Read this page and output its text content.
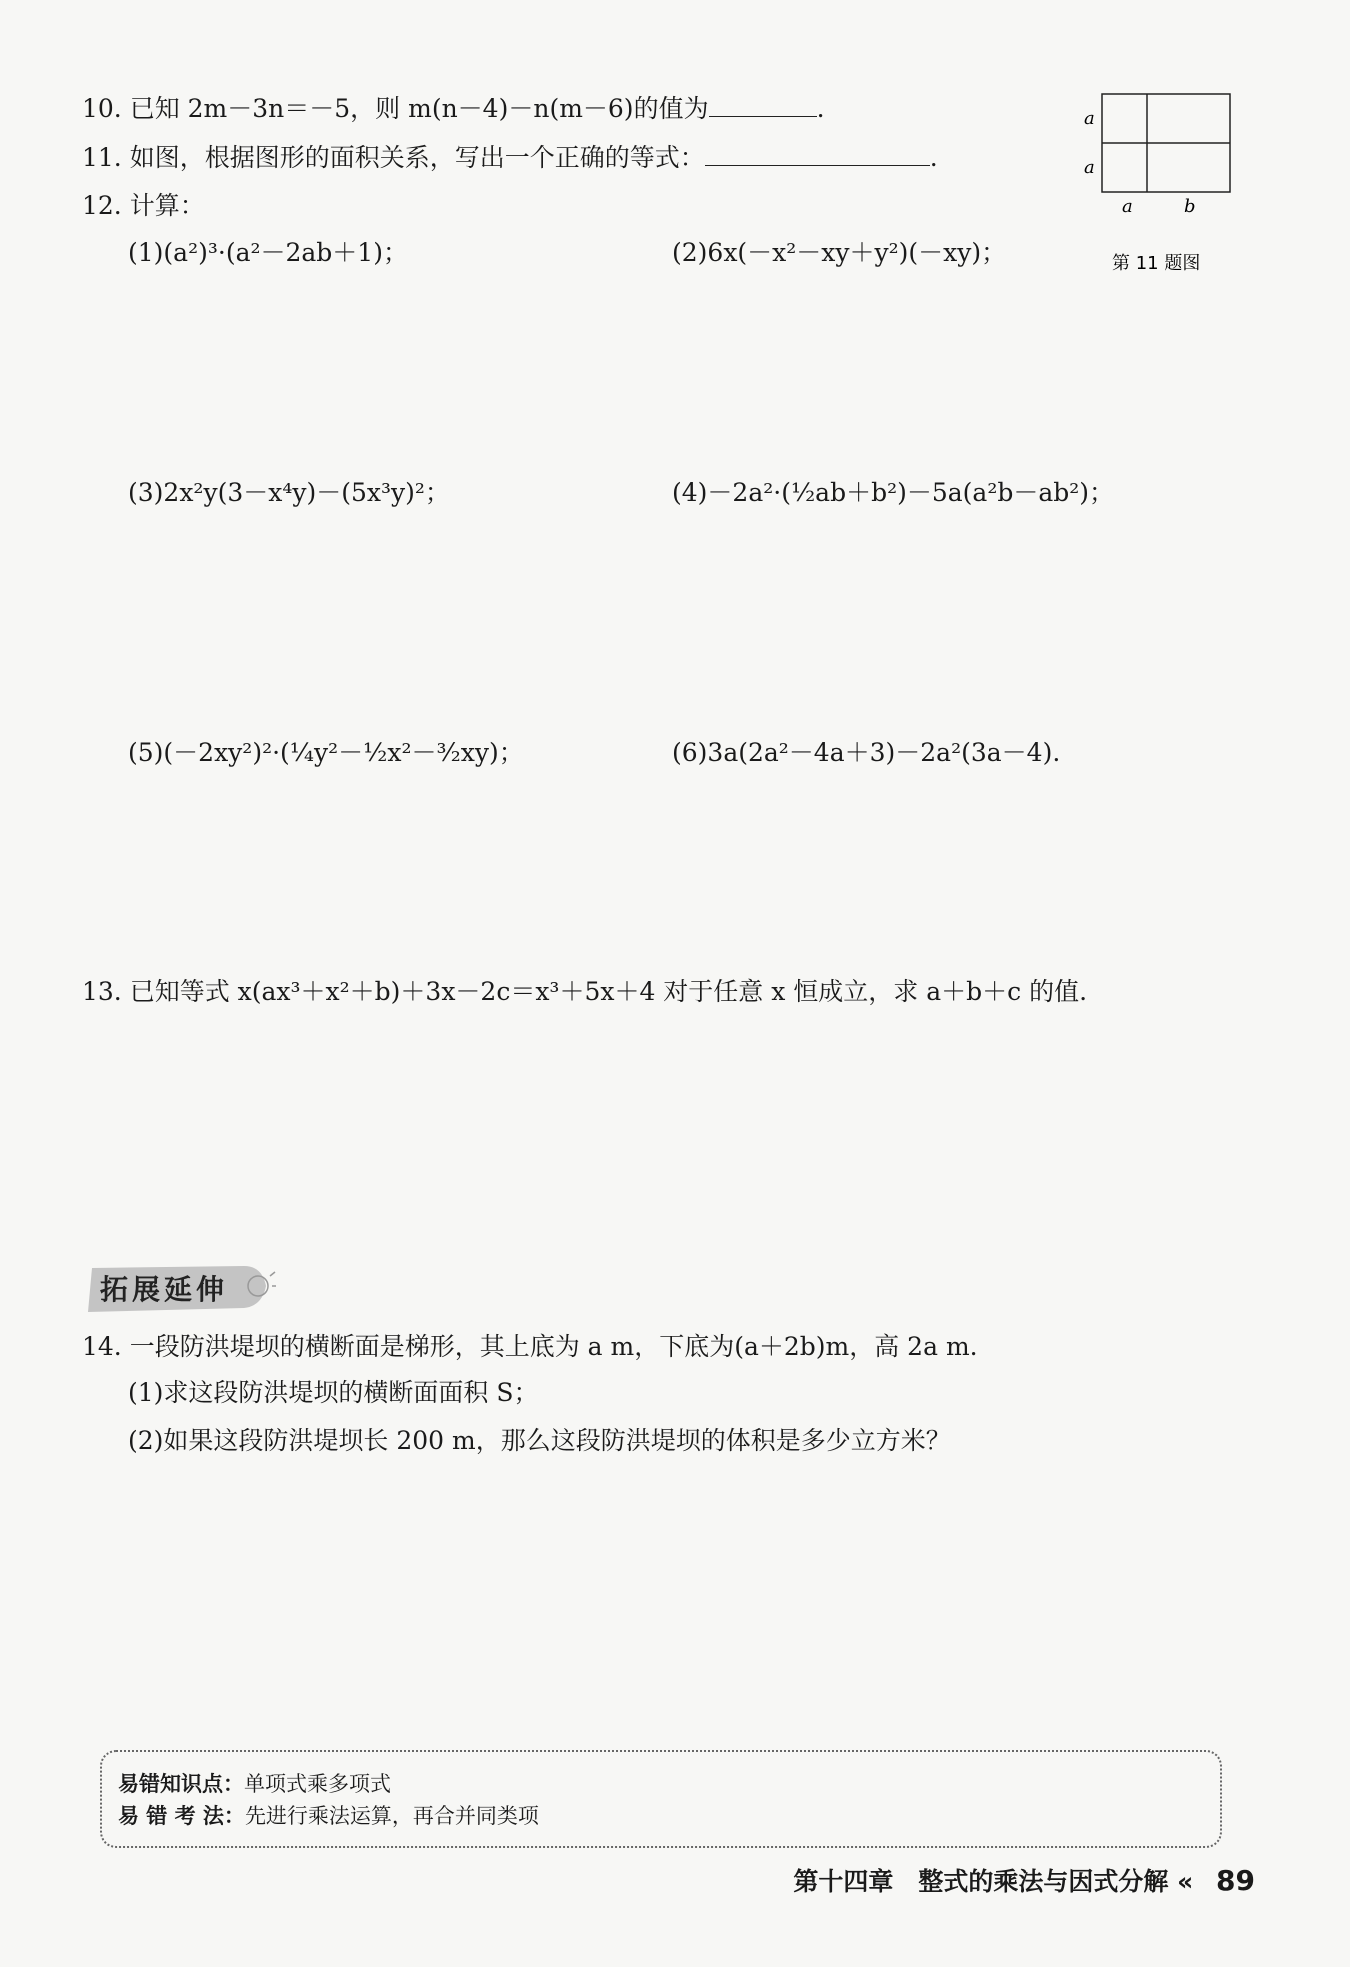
10. 已知 2m－3n＝－5，则 m(n－4)－n(m－6)的值为	.
11. 如图，根据图形的面积关系，写出一个正确的等式：	.
12. 计算：
(1)(a²)³·(a²－2ab＋1)；	(2)6x(－x²－xy＋y²)(－xy)；
(3)2x²y(3－x⁴y)－(5x³y)²；	(4)－2a²·(½ab＋b²)－5a(a²b－ab²)；
(5)(－2xy²)²·(¼y²－½x²－³⁄₂xy)；	(6)3a(2a²－4a＋3)－2a²(3a－4).
a
a
a	b
第 11 题图
13. 已知等式 x(ax³＋x²＋b)＋3x－2c＝x³＋5x＋4 对于任意 x 恒成立，求 a＋b＋c 的值.
拓展延伸
14. 一段防洪堤坝的横断面是梯形，其上底为 a m，下底为(a＋2b)m，高 2a m.
(1)求这段防洪堤坝的横断面面积 S；
(2)如果这段防洪堤坝长 200 m，那么这段防洪堤坝的体积是多少立方米？
易错知识点：单项式乘多项式
易 错 考 法：先进行乘法运算，再合并同类项
第十四章　整式的乘法与因式分解 « 89
